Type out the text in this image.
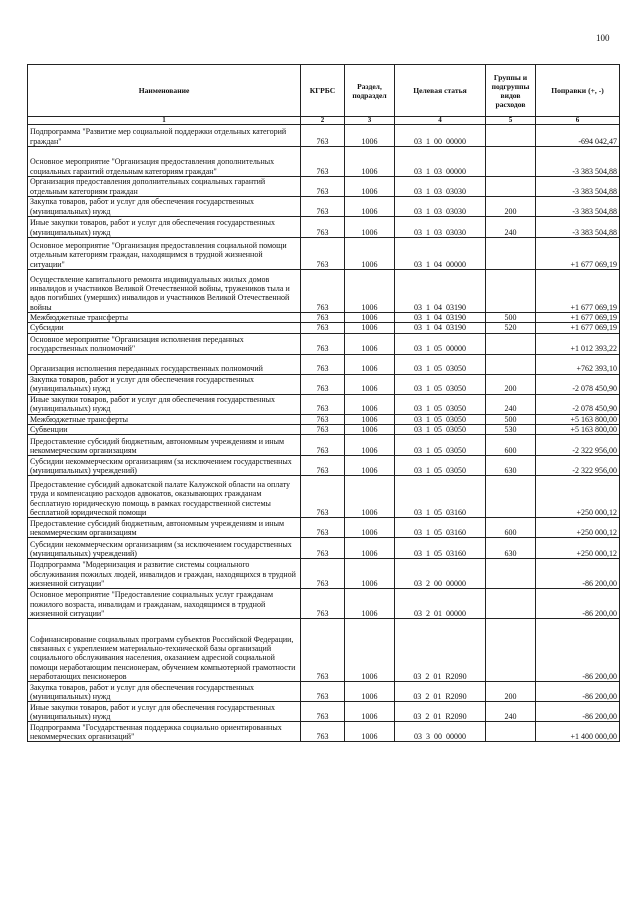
100
Наименование	КГРБС	Раздел, подраздел	Целевая статья	Группы и подгруппы видов расходов	Поправки (+, -)
1	2	3	4	5	6
Подпрограмма "Развитие мер социальной поддержки отдельных категорий граждан"	763	1006	03  1  00  00000		-694 042,47
Основное мероприятие "Организация предоставления дополнительных социальных гарантий отдельным категориям граждан"	763	1006	03  1  03  00000		-3 383 504,88
Организация предоставления дополнительных социальных гарантий отдельным категориям граждан	763	1006	03  1  03  03030		-3 383 504,88
Закупка товаров, работ и услуг для обеспечения государственных (муниципальных) нужд	763	1006	03  1  03  03030	200	-3 383 504,88
Иные закупки товаров, работ и услуг для обеспечения государственных (муниципальных) нужд	763	1006	03  1  03  03030	240	-3 383 504,88
Основное мероприятие "Организация предоставления социальной помощи отдельным категориям граждан, находящимся в трудной жизненной ситуации"	763	1006	03  1  04  00000		+1 677 069,19
Осуществление капитального ремонта индивидуальных жилых домов инвалидов и участников Великой Отечественной войны, тружеников тыла и вдов погибших (умерших) инвалидов и участников Великой Отечественной войны	763	1006	03  1  04  03190		+1 677 069,19
Межбюджетные трансферты	763	1006	03  1  04  03190	500	+1 677 069,19
Субсидии	763	1006	03  1  04  03190	520	+1 677 069,19
Основное мероприятие "Организация исполнения переданных государственных полномочий"	763	1006	03  1  05  00000		+1 012 393,22
Организация исполнения переданных государственных полномочий	763	1006	03  1  05  03050		+762 393,10
Закупка товаров, работ и услуг для обеспечения государственных (муниципальных) нужд	763	1006	03  1  05  03050	200	-2 078 450,90
Иные закупки товаров, работ и услуг для обеспечения государственных (муниципальных) нужд	763	1006	03  1  05  03050	240	-2 078 450,90
Межбюджетные трансферты	763	1006	03  1  05  03050	500	+5 163 800,00
Субвенции	763	1006	03  1  05  03050	530	+5 163 800,00
Предоставление субсидий бюджетным, автономным учреждениям и иным некоммерческим организациям	763	1006	03  1  05  03050	600	-2 322 956,00
Субсидии некоммерческим организациям (за исключением государственных (муниципальных) учреждений)	763	1006	03  1  05  03050	630	-2 322 956,00
Предоставление субсидий адвокатской палате Калужской области на оплату труда и компенсацию расходов адвокатов, оказывающих гражданам бесплатную юридическую помощь в рамках государственной системы бесплатной юридической помощи	763	1006	03  1  05  03160		+250 000,12
Предоставление субсидий бюджетным, автономным учреждениям и иным некоммерческим организациям	763	1006	03  1  05  03160	600	+250 000,12
Субсидии некоммерческим организациям (за исключением государственных (муниципальных) учреждений)	763	1006	03  1  05  03160	630	+250 000,12
Подпрограмма "Модернизация и развитие системы социального обслуживания пожилых людей, инвалидов и граждан, находящихся в трудной жизненной ситуации"	763	1006	03  2  00  00000		-86 200,00
Основное мероприятие "Предоставление социальных услуг гражданам пожилого возраста, инвалидам и гражданам, находящимся в трудной жизненной ситуации"	763	1006	03  2  01  00000		-86 200,00
Софинансирование социальных программ субъектов Российской Федерации, связанных с укреплением материально-технической базы организаций социального обслуживания населения, оказанием адресной социальной помощи неработающим пенсионерам, обучением компьютерной грамотности неработающих пенсионеров	763	1006	03  2  01  R2090		-86 200,00
Закупка товаров, работ и услуг для обеспечения государственных (муниципальных) нужд	763	1006	03  2  01  R2090	200	-86 200,00
Иные закупки товаров, работ и услуг для обеспечения государственных (муниципальных) нужд	763	1006	03  2  01  R2090	240	-86 200,00
Подпрограмма "Государственная поддержка социально ориентированных некоммерческих организаций"	763	1006	03  3  00  00000		+1 400 000,00
